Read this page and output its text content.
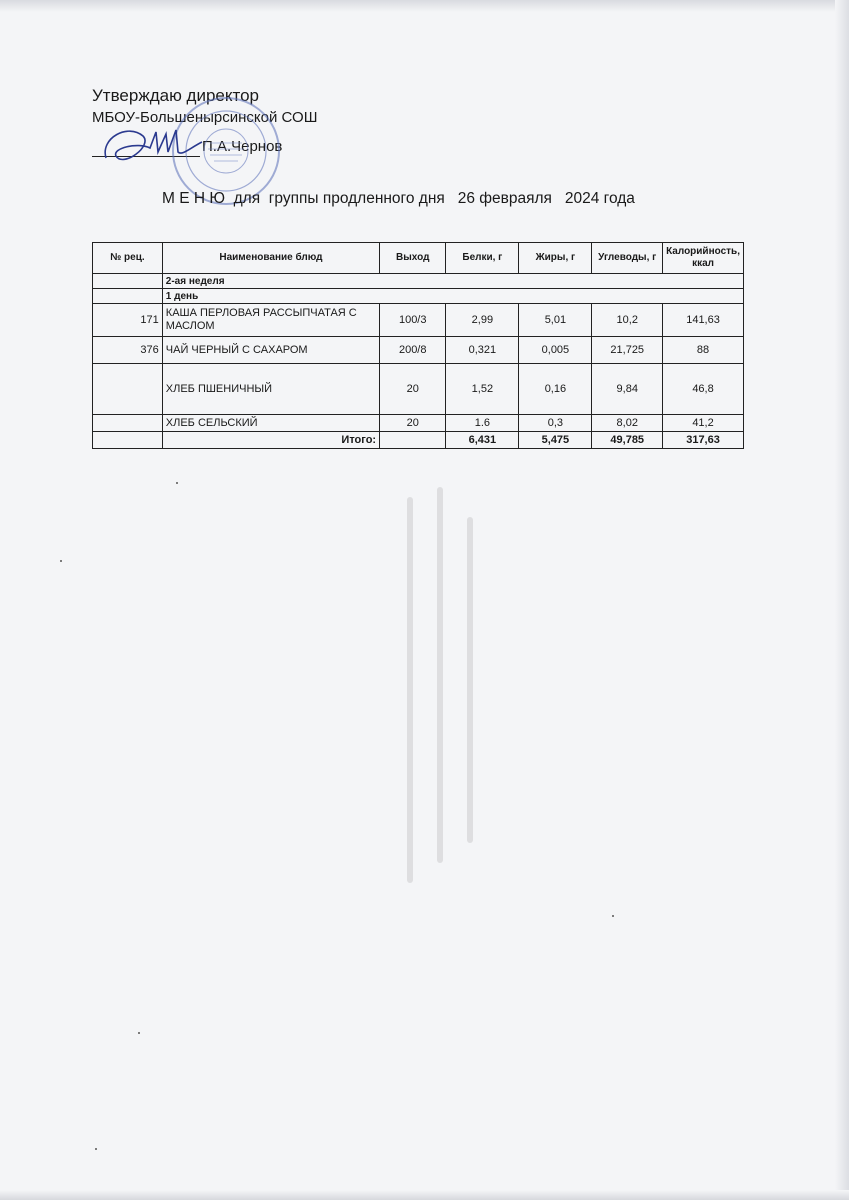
Утверждаю директор
МБОУ-Большенырсинской СОШ
П.А.Чернов
М Е Н Ю  для  группы продленного дня   26 февраяля   2024 года
№ рец.	Наименование блюд	Выход	Белки, г	Жиры, г	Углеводы, г	Калорийность, ккал
	2-ая неделя					
	1 день					
171	КАША ПЕРЛОВАЯ РАССЫПЧАТАЯ С МАСЛОМ	100/3	2,99	5,01	10,2	141,63
376	ЧАЙ ЧЕРНЫЙ С САХАРОМ	200/8	0,321	0,005	21,725	88
	ХЛЕБ ПШЕНИЧНЫЙ	20	1,52	0,16	9,84	46,8
	ХЛЕБ СЕЛЬСКИЙ	20	1.6	0,3	8,02	41,2
	Итого:		6,431	5,475	49,785	317,63
